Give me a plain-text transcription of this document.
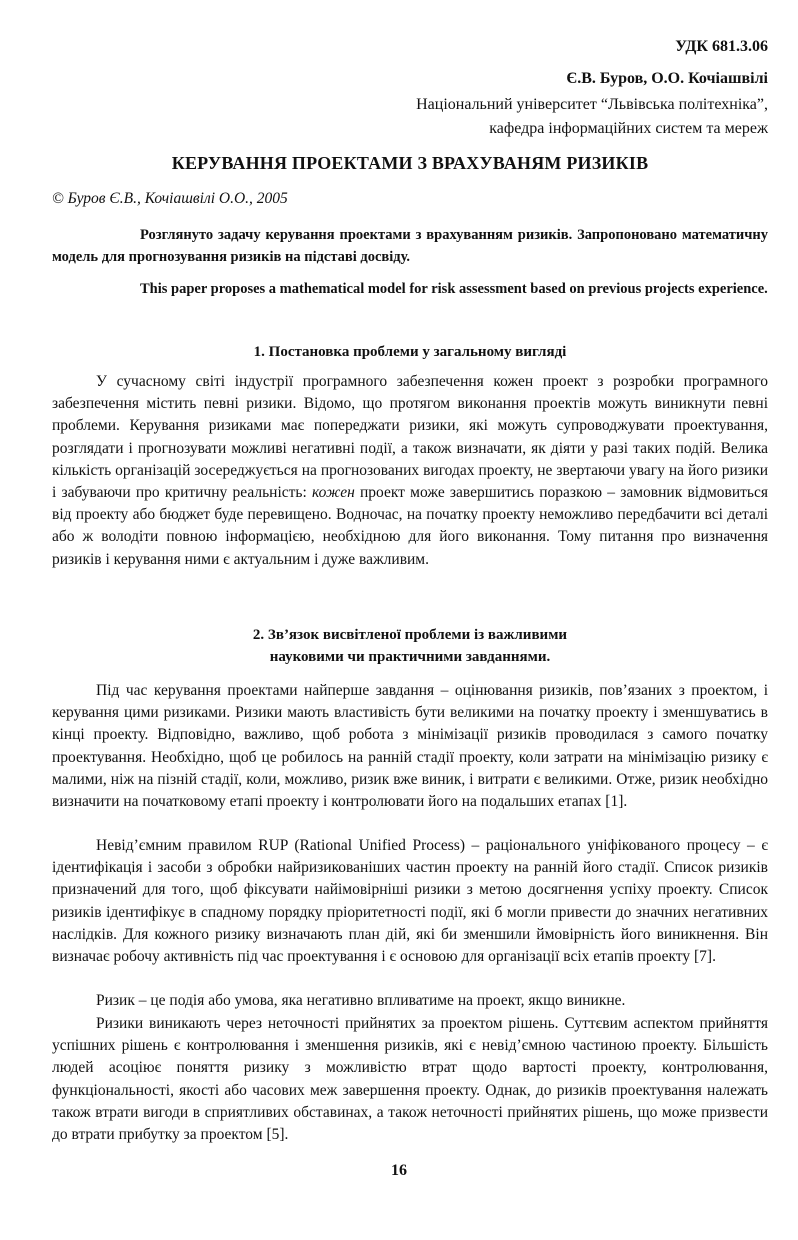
УДК 681.3.06
Є.В. Буров, О.О. Кочіашвілі
Національний університет “Львівська політехніка”,
кафедра інформаційних систем та мереж
КЕРУВАННЯ ПРОЕКТАМИ З ВРАХУВАНЯМ РИЗИКІВ
© Буров Є.В., Кочіашвілі О.О., 2005
Розглянуто задачу керування проектами з врахуванням ризиків. Запропоновано математичну модель для прогнозування ризиків на підставі досвіду.
This paper proposes a mathematical model for risk assessment based on previous projects experience.
1. Постановка проблеми у загальному вигляді

У сучасному світі індустрії програмного забезпечення кожен проект з розробки програмного забезпечення містить певні ризики. Відомо, що протягом виконання проектів можуть виникнути певні проблеми. Керування ризиками має попереджати ризики, які можуть супроводжувати проектування, розглядати і прогнозувати можливі негативні події, а також визначати, як діяти у разі таких подій. Велика кількість організацій зосереджується на прогнозованих вигодах проекту, не звертаючи увагу на його ризики і забуваючи про критичну реальність: кожен проект може завершитись поразкою – замовник відмовиться від проекту або бюджет буде перевищено. Водночас, на початку проекту неможливо передбачити всі деталі або ж володіти повною інформацією, необхідною для його виконання. Тому питання про визначення ризиків і керування ними є актуальним і дуже важливим.

2. Зв’язок висвітленої проблеми із важливими
науковими чи практичними завданнями.

Під час керування проектами найперше завдання – оцінювання ризиків, пов’язаних з проектом, і керування цими ризиками. Ризики мають властивість бути великими на початку проекту і зменшуватись в кінці проекту. Відповідно, важливо, щоб робота з мінімізації ризиків проводилася з самого початку проектування. Необхідно, щоб це робилось на ранній стадії проекту, коли затрати на мінімізацію ризику є малими, ніж на пізній стадії, коли, можливо, ризик вже виник, і витрати є великими. Отже, ризик необхідно визначити на початковому етапі проекту і контролювати його на подальших етапах [1].

Невід’ємним правилом RUP (Rational Unified Process) – раціонального уніфікованого процесу – є ідентифікація і засоби з обробки найризикованіших частин проекту на ранній його стадії. Список ризиків призначений для того, щоб фіксувати найімовірніші ризики з метою досягнення успіху проекту. Список ризиків ідентифікує в спадному порядку пріоритетності події, які б могли привести до значних негативних наслідків. Для кожного ризику визначають план дій, які би зменшили ймовірність його виникнення. Він визначає робочу активність під час проектування і є основою для організації всіх етапів проекту [7].

Ризик – це подія або умова, яка негативно впливатиме на проект, якщо виникне.

Ризики виникають через неточності прийнятих за проектом рішень. Суттєвим аспектом прийняття успішних рішень є контролювання і зменшення ризиків, які є невід’ємною частиною проекту. Більшість людей асоціює поняття ризику з можливістю втрат щодо вартості проекту, контролювання, функціональності, якості або часових меж завершення проекту. Однак, до ризиків проектування належать також втрати вигоди в сприятливих обставинах, а також неточності прийнятих рішень, що може призвести до втрати прибутку за проектом [5].

16
